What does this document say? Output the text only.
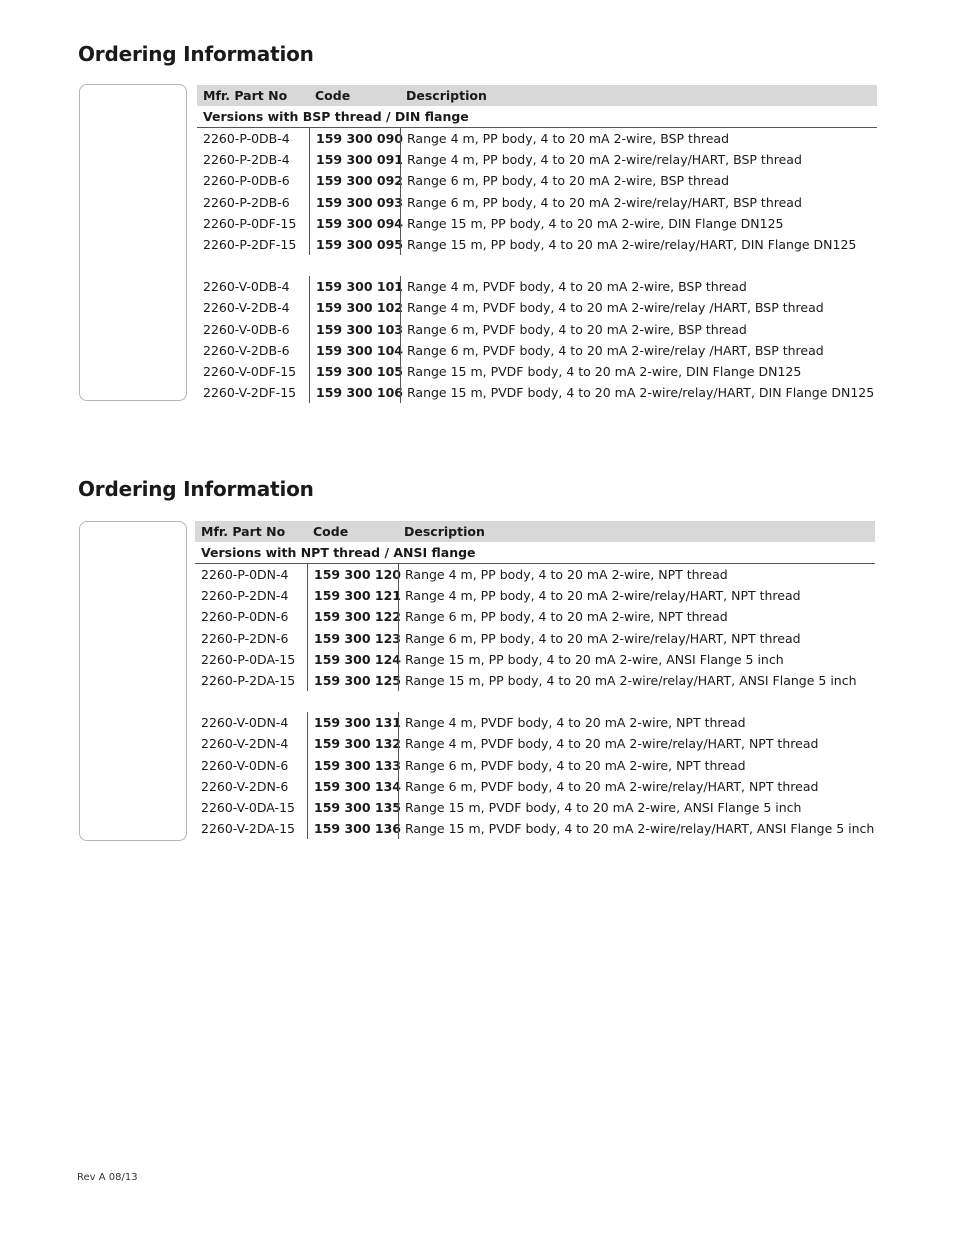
Ordering Information
Mfr. Part No	Code	Description
Versions with BSP thread / DIN flange
2260-P-0DB-4	159 300 090 Range 4 m, PP body, 4 to 20 mA 2-wire, BSP thread
2260-P-2DB-4	159 300 091 Range 4 m, PP body, 4 to 20 mA 2-wire/relay/HART, BSP thread
2260-P-0DB-6	159 300 092 Range 6 m, PP body, 4 to 20 mA 2-wire, BSP thread
2260-P-2DB-6	159 300 093 Range 6 m, PP body, 4 to 20 mA 2-wire/relay/HART, BSP thread
2260-P-0DF-15	159 300 094 Range 15 m, PP body, 4 to 20 mA 2-wire, DIN Flange DN125
2260-P-2DF-15	159 300 095 Range 15 m, PP body, 4 to 20 mA 2-wire/relay/HART, DIN Flange DN125
2260-V-0DB-4	159 300 101 Range 4 m, PVDF body, 4 to 20 mA 2-wire, BSP thread
2260-V-2DB-4	159 300 102 Range 4 m, PVDF body, 4 to 20 mA 2-wire/relay /HART, BSP thread
2260-V-0DB-6	159 300 103 Range 6 m, PVDF body, 4 to 20 mA 2-wire, BSP thread
2260-V-2DB-6	159 300 104 Range 6 m, PVDF body, 4 to 20 mA 2-wire/relay /HART, BSP thread
2260-V-0DF-15	159 300 105 Range 15 m, PVDF body, 4 to 20 mA 2-wire, DIN Flange DN125
2260-V-2DF-15	159 300 106 Range 15 m, PVDF body, 4 to 20 mA 2-wire/relay/HART, DIN Flange DN125
Ordering Information
Mfr. Part No	Code	Description
Versions with NPT thread / ANSI flange
2260-P-0DN-4	159 300 120 Range 4 m, PP body, 4 to 20 mA 2-wire, NPT thread
2260-P-2DN-4	159 300 121 Range 4 m, PP body, 4 to 20 mA 2-wire/relay/HART, NPT thread
2260-P-0DN-6	159 300 122 Range 6 m, PP body, 4 to 20 mA 2-wire, NPT thread
2260-P-2DN-6	159 300 123 Range 6 m, PP body, 4 to 20 mA 2-wire/relay/HART, NPT thread
2260-P-0DA-15	159 300 124 Range 15 m, PP body, 4 to 20 mA 2-wire, ANSI Flange 5 inch
2260-P-2DA-15	159 300 125 Range 15 m, PP body, 4 to 20 mA 2-wire/relay/HART, ANSI Flange 5 inch
2260-V-0DN-4	159 300 131 Range 4 m, PVDF body, 4 to 20 mA 2-wire, NPT thread
2260-V-2DN-4	159 300 132 Range 4 m, PVDF body, 4 to 20 mA 2-wire/relay/HART, NPT thread
2260-V-0DN-6	159 300 133 Range 6 m, PVDF body, 4 to 20 mA 2-wire, NPT thread
2260-V-2DN-6	159 300 134 Range 6 m, PVDF body, 4 to 20 mA 2-wire/relay/HART, NPT thread
2260-V-0DA-15	159 300 135 Range 15 m, PVDF body, 4 to 20 mA 2-wire, ANSI Flange 5 inch
2260-V-2DA-15	159 300 136 Range 15 m, PVDF body, 4 to 20 mA 2-wire/relay/HART, ANSI Flange 5 inch
Rev A 08/13
